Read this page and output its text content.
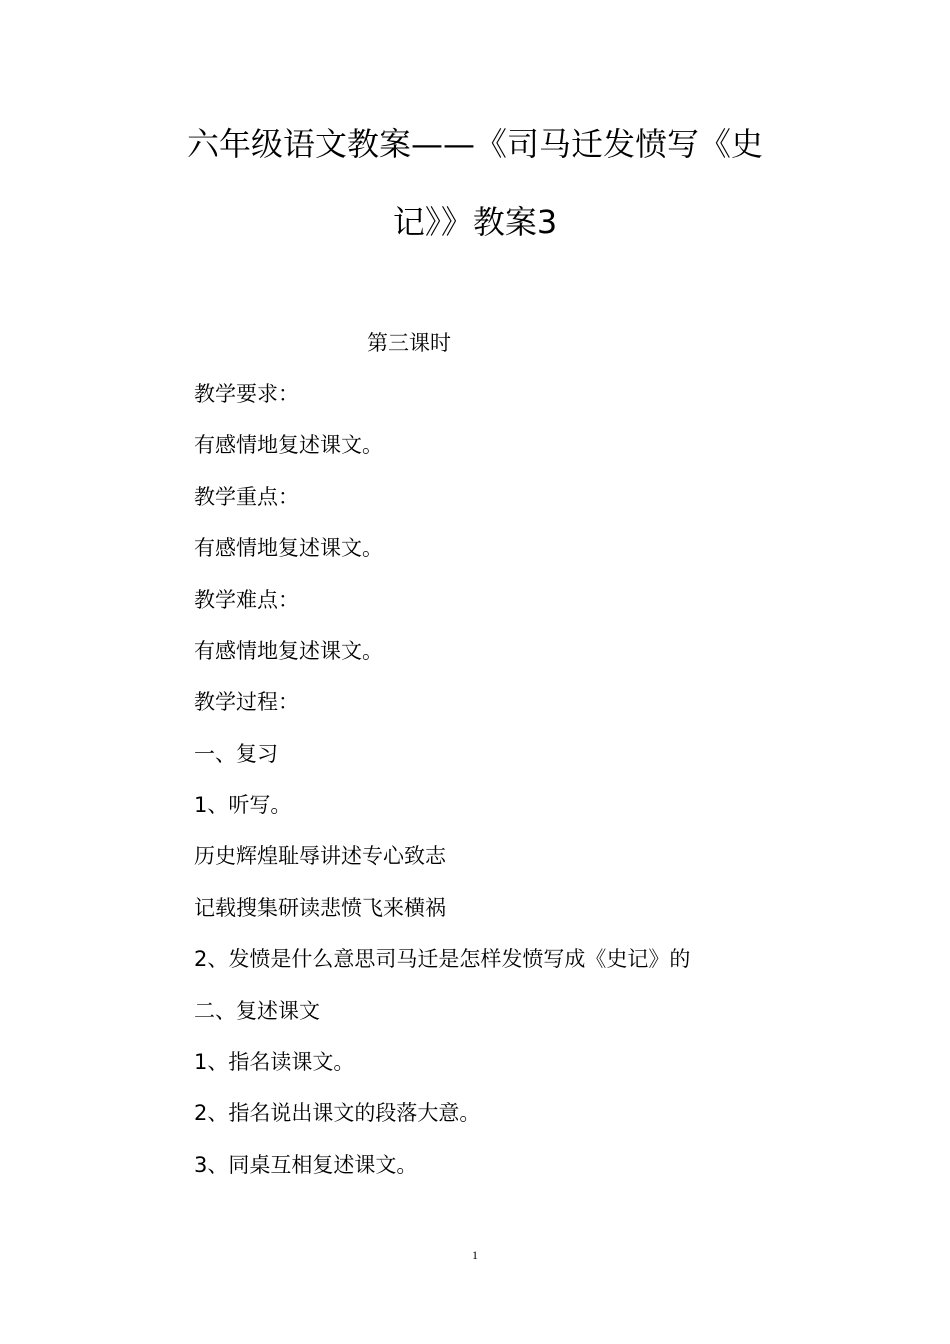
六年级语文教案——《司马迁发愤写《史
记》》教案3
第三课时
教学要求：
有感情地复述课文。
教学重点：
有感情地复述课文。
教学难点：
有感情地复述课文。
教学过程：
一、复习
1、听写。
历史辉煌耻辱讲述专心致志
记载搜集研读悲愤飞来横祸
2、发愤是什么意思司马迁是怎样发愤写成《史记》的
二、复述课文
1、指名读课文。
2、指名说出课文的段落大意。
3、同桌互相复述课文。
1
